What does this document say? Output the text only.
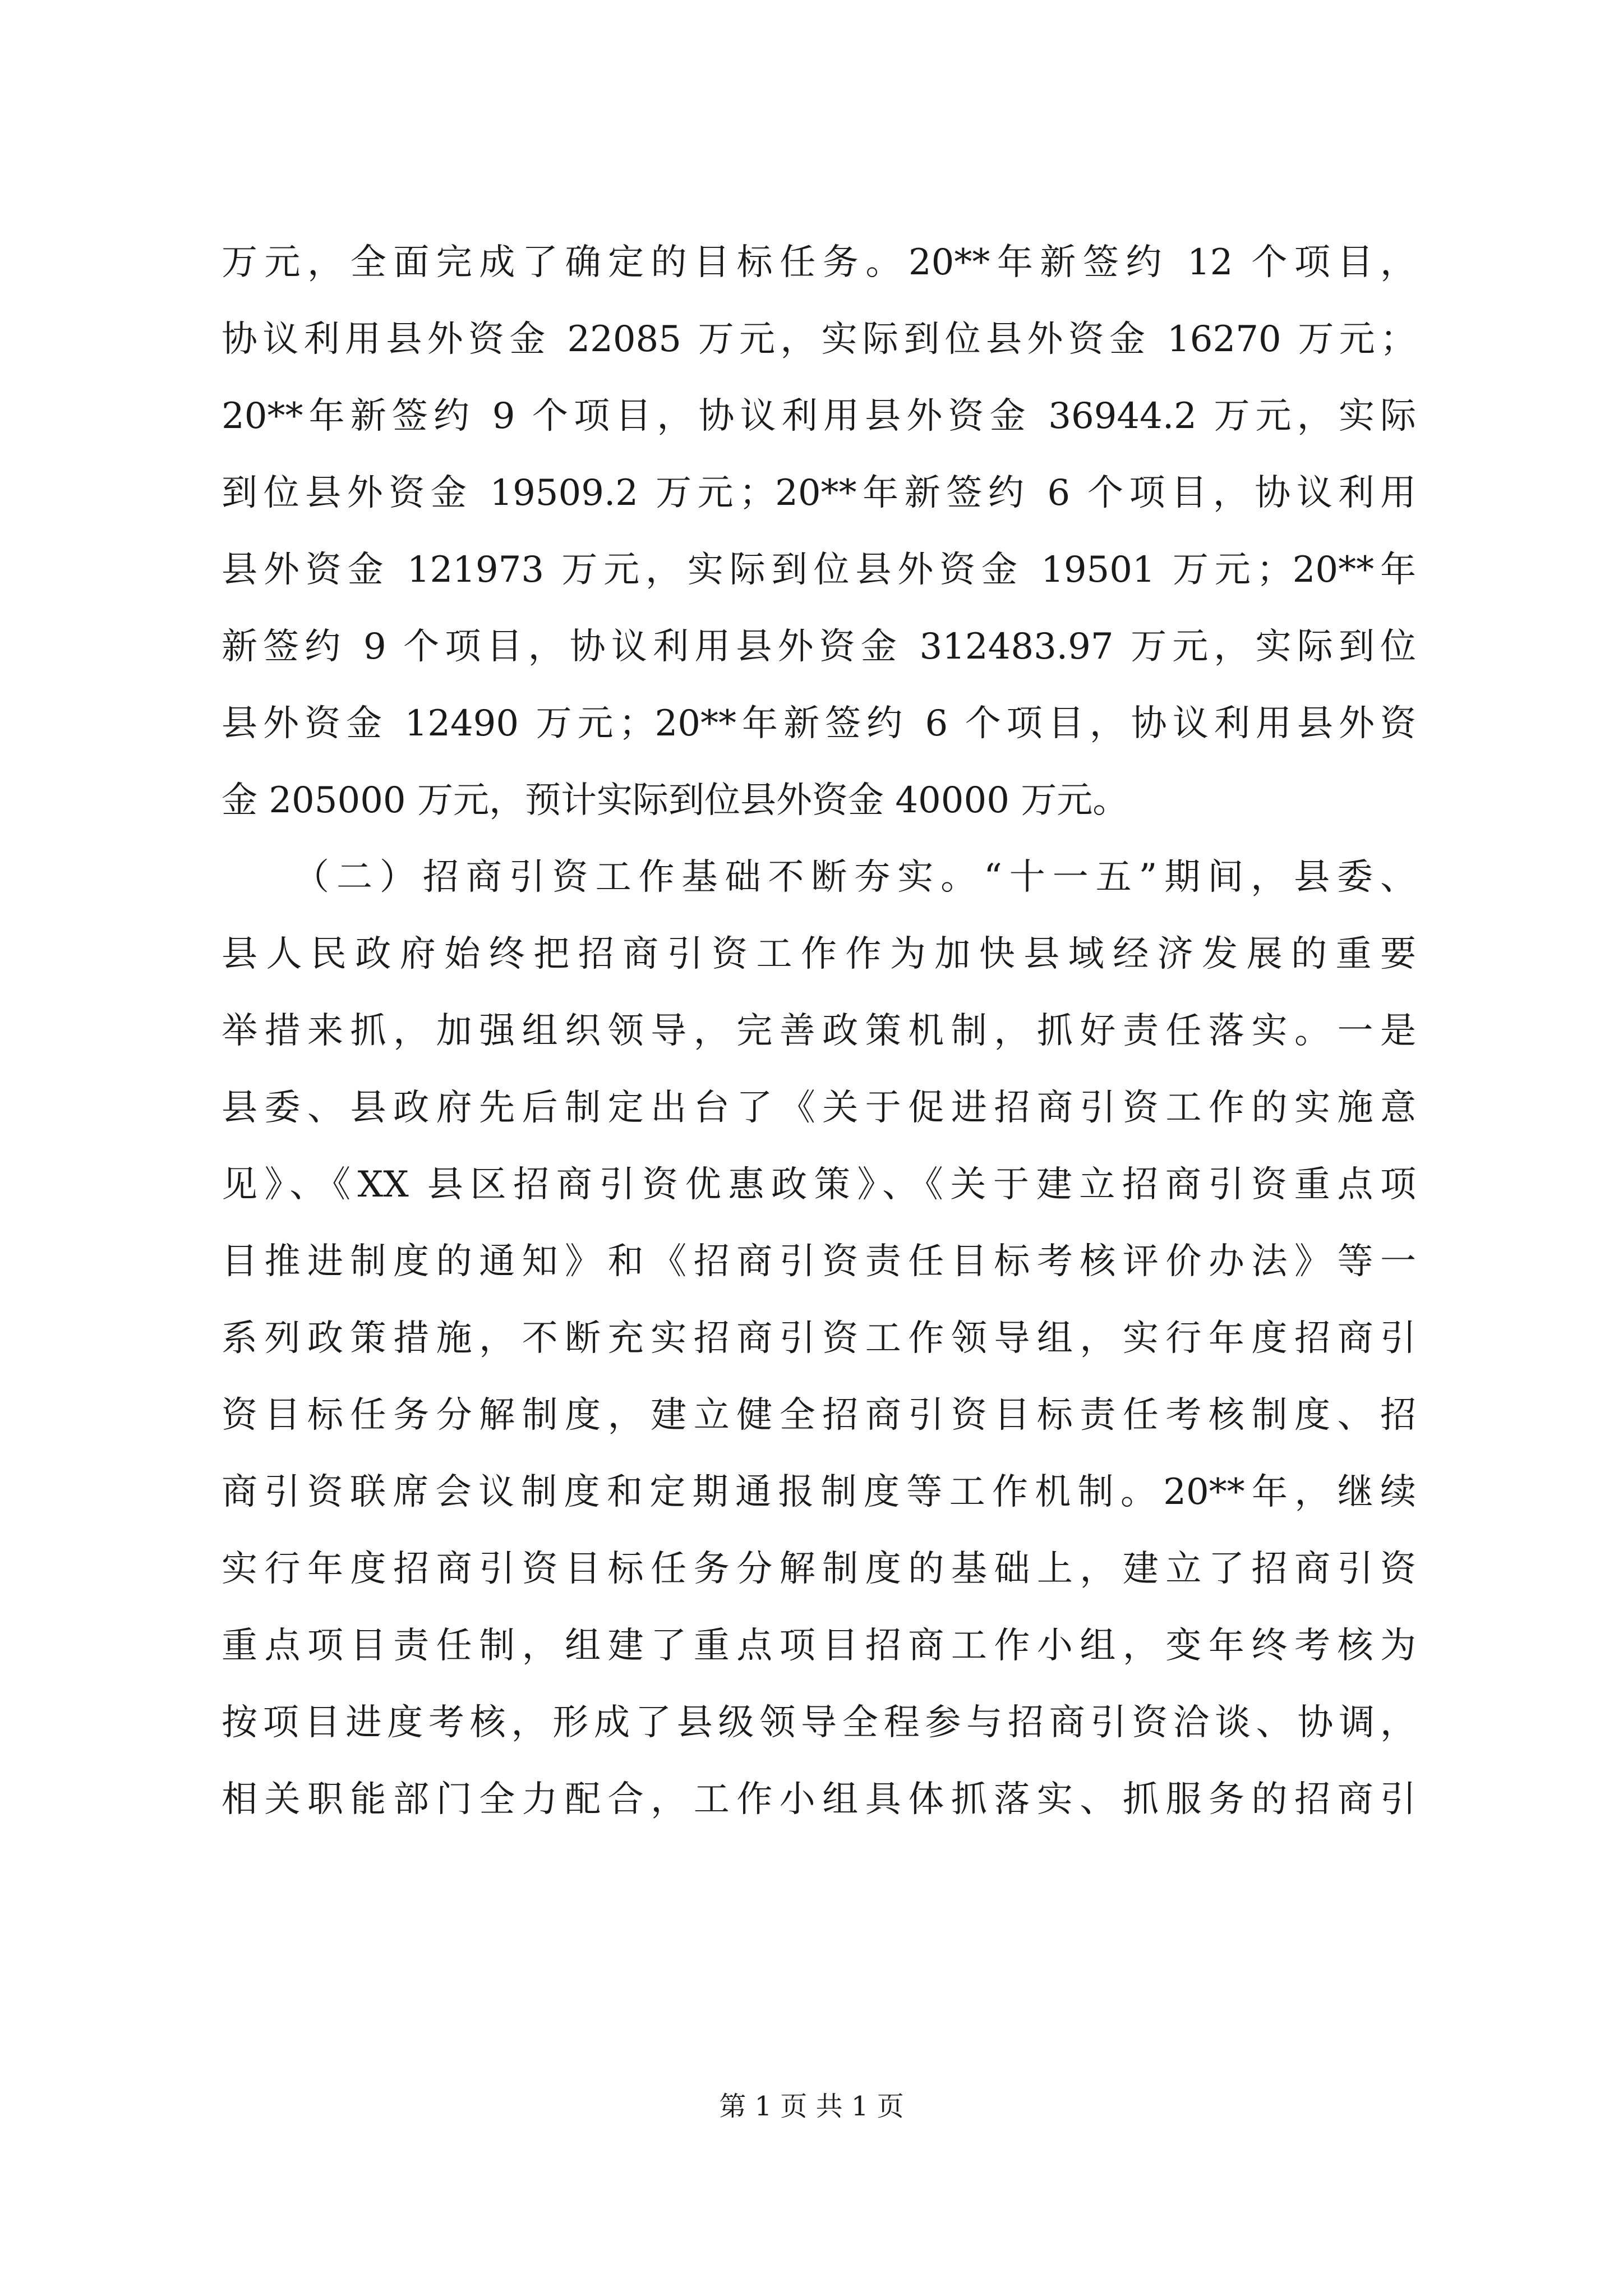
万元，全面完成了确定的目标任务。20**年新签约 12 个项目，
协议利用县外资金 22085 万元，实际到位县外资金 16270 万元；
20**年新签约 9 个项目，协议利用县外资金 36944.2 万元，实际
到位县外资金 19509.2 万元；20**年新签约 6 个项目，协议利用
县外资金 121973 万元，实际到位县外资金 19501 万元；20**年
新签约 9 个项目，协议利用县外资金 312483.97 万元，实际到位
县外资金 12490 万元；20**年新签约 6 个项目，协议利用县外资
金 205000 万元，预计实际到位县外资金 40000 万元。
（二）招商引资工作基础不断夯实。“十一五”期间，县委、
县人民政府始终把招商引资工作作为加快县域经济发展的重要
举措来抓，加强组织领导，完善政策机制，抓好责任落实。一是
县委、县政府先后制定出台了《关于促进招商引资工作的实施意
见》、《XX 县区招商引资优惠政策》、《关于建立招商引资重点项
目推进制度的通知》和《招商引资责任目标考核评价办法》等一
系列政策措施，不断充实招商引资工作领导组，实行年度招商引
资目标任务分解制度，建立健全招商引资目标责任考核制度、招
商引资联席会议制度和定期通报制度等工作机制。20**年，继续
实行年度招商引资目标任务分解制度的基础上，建立了招商引资
重点项目责任制，组建了重点项目招商工作小组，变年终考核为
按项目进度考核，形成了县级领导全程参与招商引资洽谈、协调，
相关职能部门全力配合，工作小组具体抓落实、抓服务的招商引
第 1 页 共 1 页
